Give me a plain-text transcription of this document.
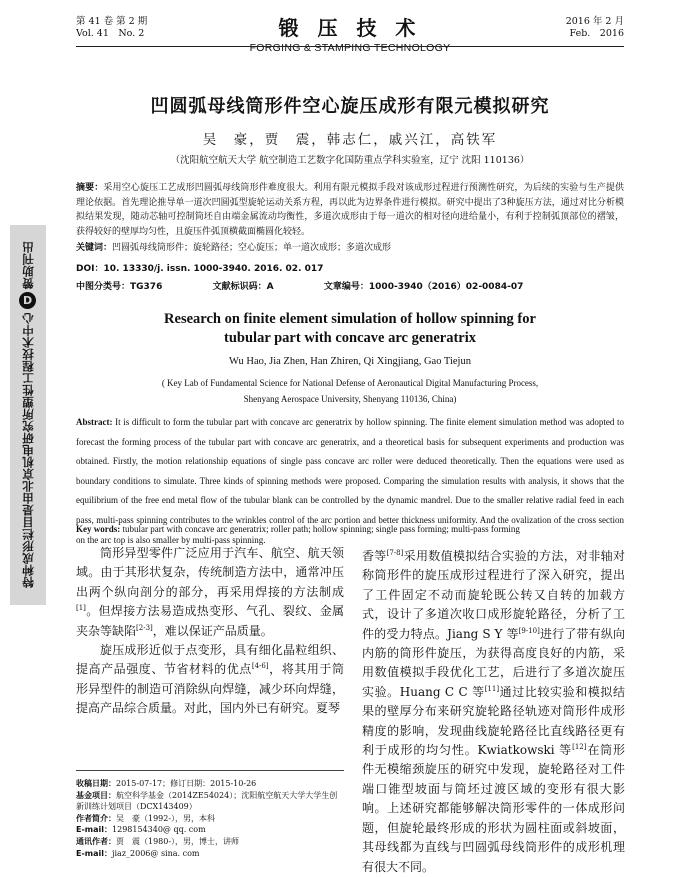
第 41 卷 第 2 期
Vol. 41　No. 2	锻 压 技 术
FORGING & STAMPING TECHNOLOGY
2016 年 2 月
Feb.　2016
凹圆弧母线筒形件空心旋压成形有限元模拟研究
吴　豪，贾　震，韩志仁，戚兴江，高铁军
（沈阳航空航天大学 航空制造工艺数字化国防重点学科实验室，辽宁 沈阳 110136）
摘要：采用空心旋压工艺成形凹圆弧母线筒形件难度很大。利用有限元模拟手段对该成形过程进行预测性研究，为后续的实验与生产提供理论依据。首先理论推导单一道次凹圆弧型旋轮运动关系方程，再以此为边界条件进行模拟。研究中提出了3种旋压方法，通过对比分析模拟结果发现，随动芯轴可控制筒坯自由端金属流动均衡性，多道次成形由于每一道次的相对径向进给量小，有利于控制弧顶部位的褶皱，获得较好的壁厚均匀性，且旋压件弧顶横截面椭圆化较轻。
关键词：凹圆弧母线筒形件；旋轮路径；空心旋压；单一道次成形；多道次成形
DOI：10. 13330/j. issn. 1000-3940. 2016. 02. 017
中图分类号：TG376	文献标识码：A	文章编号：1000-3940（2016）02-0084-07
Research on finite element simulation of hollow spinning for tubular part with concave arc generatrix
Wu Hao, Jia Zhen, Han Zhiren, Qi Xingjiang, Gao Tiejun
( Key Lab of Fundamental Science for National Defense of Aeronautical Digital Manufacturing Process,
Shenyang Aerospace University, Shenyang 110136, China)
Abstract: It is difficult to form the tubular part with concave arc generatrix by hollow spinning. The finite element simulation method was adopted to forecast the forming process of the tubular part with concave arc generatrix, and a theoretical basis for subsequent experiments and production was obtained. Firstly, the motion relationship equations of single pass concave arc roller were deduced theoretically. Then the equations were used as boundary conditions to simulate. Three kinds of spinning methods were proposed. Comparing the simulation results with analysis, it shows that the equilibrium of the free end metal flow of the tubular blank can be controlled by the dynamic mandrel. Due to the smaller relative radial feed in each pass, multi-pass spinning contributes to the wrinkles control of the arc portion and better thickness uniformity. And the ovalization of the cross section on the arc top is also smaller by multi-pass spinning.
Key words: tubular part with concave arc generatrix; roller path; hollow spinning; single pass forming; multi-pass forming

筒形异型零件广泛应用于汽车、航空、航天领域。由于其形状复杂，传统制造方法中，通常冲压出两个纵向剖分的部分，再采用焊接的方法制成[1]。但焊接方法易造成热变形、气孔、裂纹、金属夹杂等缺陷[2-3]，难以保证产品质量。

旋压成形近似于点变形，具有细化晶粒组织、提高产品强度、节省材料的优点[4-6]，将其用于筒形异型件的制造可消除纵向焊缝，减少环向焊缝，提高产品综合质量。对此，国内外已有研究。夏琴

香等[7-8]采用数值模拟结合实验的方法，对非轴对称筒形件的旋压成形过程进行了深入研究，提出了工件固定不动而旋轮既公转又自转的加载方式，设计了多道次收口成形旋轮路径，分析了工件的受力特点。Jiang S Y 等[9-10]进行了带有纵向内筋的筒形件旋压，为获得高度良好的内筋，采用数值模拟手段优化工艺，后进行了多道次旋压实验。Huang C C 等[11]通过比较实验和模拟结果的壁厚分布来研究旋轮路径轨迹对筒形件成形精度的影响，发现曲线旋轮路径比直线路径更有利于成形的均匀性。Kwiatkowski 等[12]在筒形件无模缩颈旋压的研究中发现，旋轮路径对工件端口锥型坡面与筒坯过渡区域的变形有很大影响。上述研究都能够解决筒形零件的一体成形问题，但旋轮最终形成的形状为圆柱面或斜坡面，其母线都为直线与凹圆弧母线筒形件的成形机理有很大不同。

收稿日期：2015-07-17；修订日期：2015-10-26
基金项目：航空科学基金（2014ZE54024）；沈阳航空航天大学大学生创新训练计划项目（DCX143409）
作者简介：吴　豪（1992-），男，本科
E-mail：1298154340@ qq. com
通讯作者：贾　震（1980-），男，博士，讲师
E-mail：jiaz_2006@ sina. com
特种成形栏目是由北京机电研究所塑性工程技术中心
D
赞助刊出
